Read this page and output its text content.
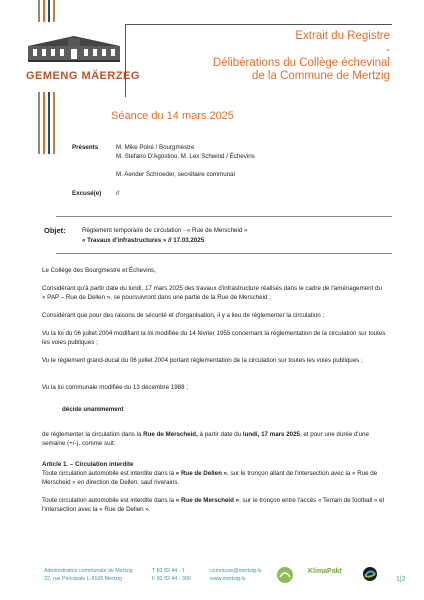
GEMENG MÄERZEG
Extrait du Registre
-
Délibérations du Collège échevinal
de la Commune de Mertzig
Séance du 14 mars 2025
Présents	M. Mike Poiré / Bourgmestre
M. Stefano D'Agostino, M. Lex Schwind / Échevins
M. Aender Schroeder, secrétaire communal
Excusé(e) //
Objet:	Règlement temporaire de circulation - « Rue de Merscheid »
« Travaux d'infrastructures » // 17.03.2025
Le Collège des Bourgmestre et Échevins,
Considérant qu'à partir date du lundi, 17 mars 2025 des travaux d'infrastructure réalisés dans le cadre de l'aménagement du « PAP – Rue de Dellen », se poursuivront dans une partie de la Rue de Merscheid ;
Considérant que pour des raisons de sécurité et d'organisation, il y a lieu de réglementer la circulation ;
Vu la loi du 06 juillet 2004 modifiant la loi modifiée du 14 février 1955 concernant la réglementation de la circulation sur toutes les voies publiques ;
Vu le règlement grand-ducal du 06 juillet 2004 portant réglementation de la circulation sur toutes les voies publiques ;
Vu la loi communale modifiée du 13 décembre 1988 ;
décide unanimement
de réglementer la circulation dans la Rue de Merscheid, à partir date du lundi, 17 mars 2025, et pour une durée d'une semaine (+/-), comme suit:
Article 1. – Circulation interdite
Toute circulation automobile est interdite dans la « Rue de Dellen », sur le tronçon allant de l'intersection avec la « Rue de Merscheid » en direction de Dellen, sauf riverains.
Toute circulation automobile est interdite dans la « Rue de Merscheid », sur le tronçon entre l'accès « Terrain de football » et l'intersection avec la « Rue de Dellen ».
Administration communale de Mertzig
22, rue Principale L-9168 Mertzig
T 83 82 44 - 1
F 83 82 44 - 300
commune@mertzig.lu
www.mertzig.lu
KlimaPakt
1|2
